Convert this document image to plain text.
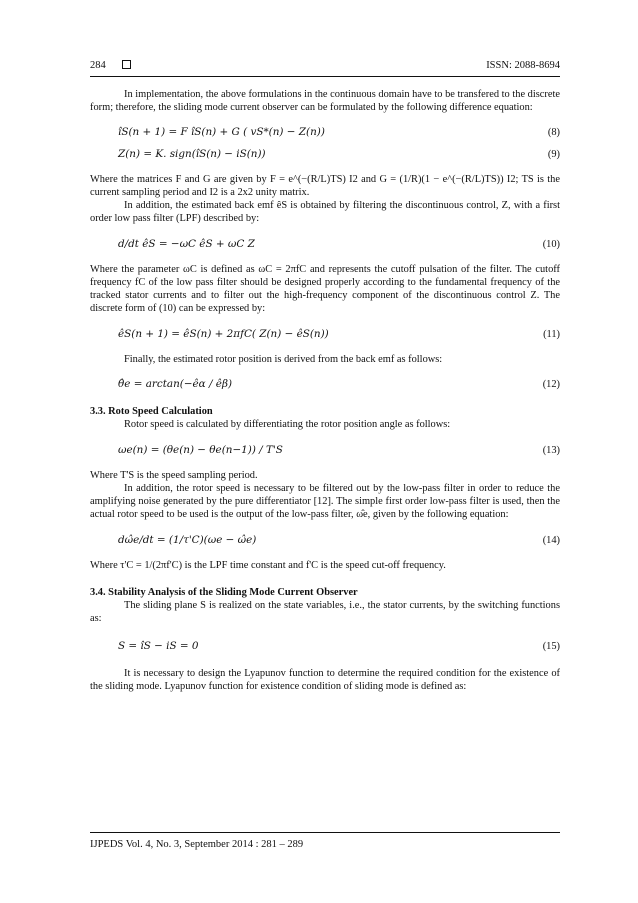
284	ISSN: 2088-8694

In implementation, the above formulations in the continuous domain have to be transfered to the discrete form; therefore, the sliding mode current observer can be formulated by the following difference equation:

îS(n + 1) = F îS(n) + G ( vS*(n) − Z(n))	(8)
Z(n) = K. sign(îS(n) − iS(n))	(9)

Where the matrices F and G are given by F = e^(−(R/L)TS) I2 and G = (1/R)(1 − e^(−(R/L)TS)) I2; TS is the current sampling period and I2 is a 2x2 unity matrix.

In addition, the estimated back emf êS is obtained by filtering the discontinuous control, Z, with a first order low pass filter (LPF) described by:

d/dt êS = −ωC êS + ωC Z	(10)

Where the parameter ωC is defined as ωC = 2πfC and represents the cutoff pulsation of the filter. The cutoff frequency fC of the low pass filter should be designed properly according to the fundamental frequency of the tracked stator currents and to filter out the high-frequency component of the discontinuous control Z. The discrete form of (10) can be expressed by:

êS(n + 1) = êS(n) + 2πfC( Z(n) − êS(n))	(11)

Finally, the estimated rotor position is derived from the back emf as follows:

θ̂e = arctan(−êα / êβ)	(12)
3.3. Roto Speed Calculation

Rotor speed is calculated by differentiating the rotor position angle as follows:

ωe(n) = (θe(n) − θe(n−1)) / T'S	(13)

Where T'S is the speed sampling period.

In addition, the rotor speed is necessary to be filtered out by the low-pass filter in order to reduce the amplifying noise generated by the pure differentiator [12]. The simple first order low-pass filter is used, then the actual rotor speed to be used is the output of the low-pass filter, ω̂e, given by the following equation:

dω̂e/dt = (1/τ'C)(ωe − ω̂e)	(14)

Where τ'C = 1/(2πf'C) is the LPF time constant and f'C is the speed cut-off frequency.

3.4. Stability Analysis of the Sliding Mode Current Observer

The sliding plane S is realized on the state variables, i.e., the stator currents, by the switching functions as:

S = îS − iS = 0	(15)

It is necessary to design the Lyapunov function to determine the required condition for the existence of the sliding mode. Lyapunov function for existence condition of sliding mode is defined as:

IJPEDS Vol. 4, No. 3, September 2014 : 281 – 289
